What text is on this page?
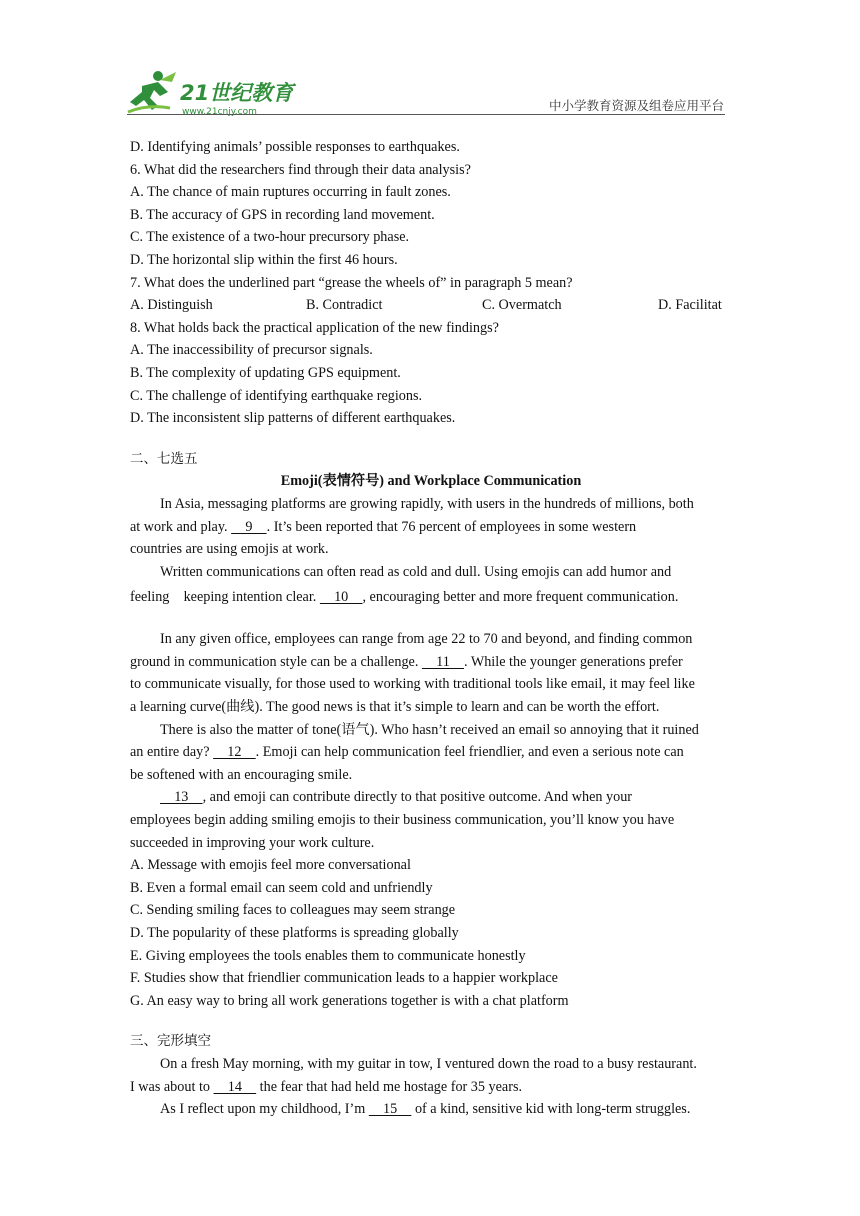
21世纪教育
www.21cnjy.com	中小学教育资源及组卷应用平台
D. Identifying animals’ possible responses to earthquakes.
6. What did the researchers find through their data analysis?
A. The chance of main ruptures occurring in fault zones.
B. The accuracy of GPS in recording land movement.
C. The existence of a two-hour precursory phase.
D. The horizontal slip within the first 46 hours.
7. What does the underlined part “grease the wheels of” in paragraph 5 mean?
A. Distinguish	B. Contradict	C. Overmatch	D. Facilitat
8. What holds back the practical application of the new findings?
A. The inaccessibility of precursor signals.
B. The complexity of updating GPS equipment.
C. The challenge of identifying earthquake regions.
D. The inconsistent slip patterns of different earthquakes.
二、七选五
Emoji(表情符号) and Workplace Communication
In Asia, messaging platforms are growing rapidly, with users in the hundreds of millions, both
at work and play.     9    . It’s been reported that 76 percent of employees in some western
countries are using emojis at work.
Written communications can often read as cold and dull. Using emojis can add humor and
feeling    keeping intention clear.     10    , encouraging better and more frequent communication.
In any given office, employees can range from age 22 to 70 and beyond, and finding common
ground in communication style can be a challenge.     11    . While the younger generations prefer
to communicate visually, for those used to working with traditional tools like email, it may feel like
a learning curve(曲线). The good news is that it’s simple to learn and can be worth the effort.
There is also the matter of tone(语气). Who hasn’t received an email so annoying that it ruined
an entire day?     12    . Emoji can help communication feel friendlier, and even a serious note can
be softened with an encouraging smile.
13    , and emoji can contribute directly to that positive outcome. And when your
employees begin adding smiling emojis to their business communication, you’ll know you have
succeeded in improving your work culture.
A. Message with emojis feel more conversational
B. Even a formal email can seem cold and unfriendly
C. Sending smiling faces to colleagues may seem strange
D. The popularity of these platforms is spreading globally
E. Giving employees the tools enables them to communicate honestly
F. Studies show that friendlier communication leads to a happier workplace
G. An easy way to bring all work generations together is with a chat platform
三、完形填空
On a fresh May morning, with my guitar in tow, I ventured down the road to a busy restaurant.
I was about to     14     the fear that had held me hostage for 35 years.
As I reflect upon my childhood, I’m     15     of a kind, sensitive kid with long-term struggles.
